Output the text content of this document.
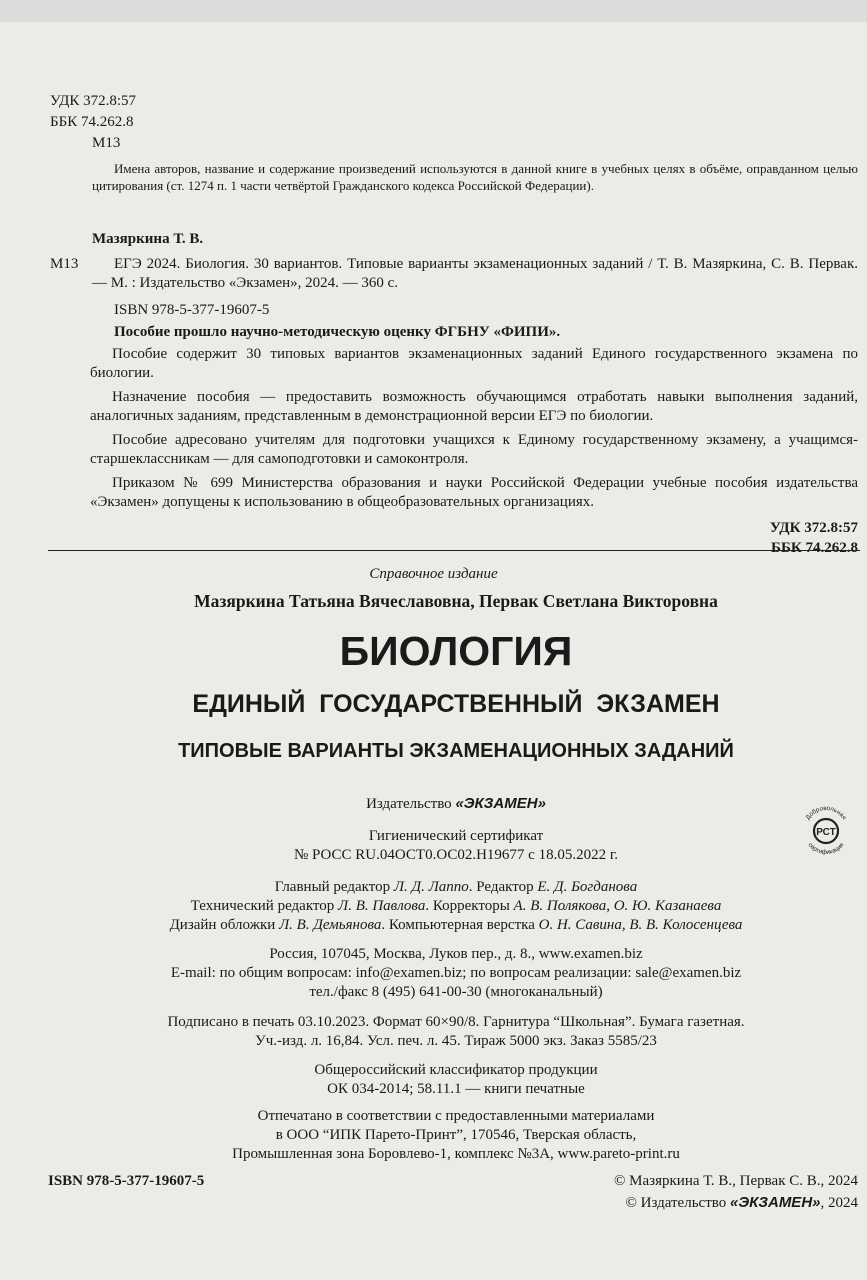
УДК 372.8:57
ББК 74.262.8
М13
Имена авторов, название и содержание произведений используются в данной книге в учебных целях в объёме, оправданном целью цитирования (ст. 1274 п. 1 части четвёртой Гражданского кодекса Российской Федерации).
Мазяркина Т. В.
М13	ЕГЭ 2024. Биология. 30 вариантов. Типовые варианты экзаменационных заданий / Т. В. Мазяркина, С. В. Первак. — М. : Издательство «Экзамен», 2024. — 360 с.
ISBN 978-5-377-19607-5
Пособие прошло научно-методическую оценку ФГБНУ «ФИПИ».
Пособие содержит 30 типовых вариантов экзаменационных заданий Единого государственного экзамена по биологии.
Назначение пособия — предоставить возможность обучающимся отработать навыки выполнения заданий, аналогичных заданиям, представленным в демонстрационной версии ЕГЭ по биологии.
Пособие адресовано учителям для подготовки учащихся к Единому государственному экзамену, а учащимся-старшеклассникам — для самоподготовки и самоконтроля.
Приказом № 699 Министерства образования и науки Российской Федерации учебные пособия издательства «Экзамен» допущены к использованию в общеобразовательных организациях.
УДК 372.8:57
ББК 74.262.8
Справочное издание
Мазяркина Татьяна Вячеславовна, Первак Светлана Викторовна
БИОЛОГИЯ
ЕДИНЫЙ  ГОСУДАРСТВЕННЫЙ  ЭКЗАМЕН
ТИПОВЫЕ ВАРИАНТЫ ЭКЗАМЕНАЦИОННЫХ ЗАДАНИЙ
Издательство «ЭКЗАМЕН»
Гигиенический сертификат
№ РОСС RU.04ОСТ0.ОС02.Н19677 с 18.05.2022 г.
Главный редактор Л. Д. Лаппо. Редактор Е. Д. Богданова
Технический редактор Л. В. Павлова. Корректоры А. В. Полякова, О. Ю. Казанаева
Дизайн обложки Л. В. Демьянова. Компьютерная верстка О. Н. Савина, В. В. Колосенцева
Россия, 107045, Москва, Луков пер., д. 8., www.examen.biz
E-mail: по общим вопросам: info@examen.biz; по вопросам реализации: sale@examen.biz
тел./факс 8 (495) 641-00-30 (многоканальный)
Подписано в печать 03.10.2023. Формат 60×90/8. Гарнитура “Школьная”. Бумага газетная.
Уч.-изд. л. 16,84. Усл. печ. л. 45. Тираж 5000 экз. Заказ 5585/23
Общероссийский классификатор продукции
ОК 034-2014; 58.11.1 — книги печатные
Отпечатано в соответствии с предоставленными материалами
в ООО “ИПК Парето-Принт”, 170546, Тверская область,
Промышленная зона Боровлево-1, комплекс №3А, www.pareto-print.ru
ISBN 978-5-377-19607-5	© Мазяркина Т. В., Первак С. В., 2024
© Издательство «ЭКЗАМЕН», 2024
Добровольная
сертификация
РСТ
